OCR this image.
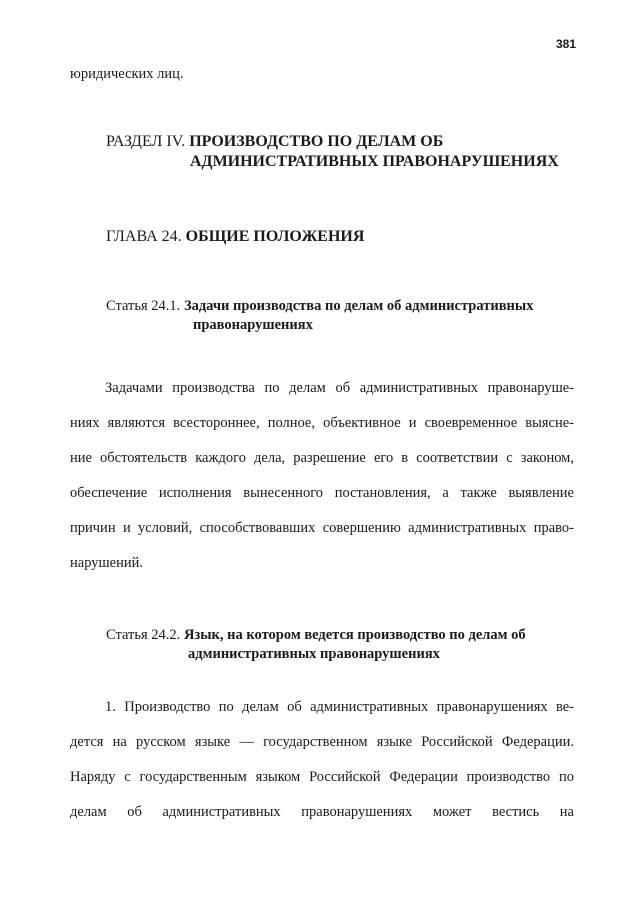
381
юридических лиц.
РАЗДЕЛ IV. ПРОИЗВОДСТВО ПО ДЕЛАМ ОБ
АДМИНИСТРАТИВНЫХ ПРАВОНАРУШЕНИЯХ
ГЛАВА 24. ОБЩИЕ ПОЛОЖЕНИЯ
Статья 24.1. Задачи производства по делам об административных
правонарушениях
Задачами производства по делам об административных правонаруше-
ниях являются всестороннее, полное, объективное и своевременное выясне-
ние обстоятельств каждого дела, разрешение его в соответствии с законом,
обеспечение исполнения вынесенного постановления, а также выявление
причин и условий, способствовавших совершению административных право-
нарушений.
Статья 24.2. Язык, на котором ведется производство по делам об
административных правонарушениях
1. Производство по делам об административных правонарушениях ве-
дется на русском языке — государственном языке Российской Федерации.
Наряду с государственным языком Российской Федерации производство по
делам об административных правонарушениях может вестись на
